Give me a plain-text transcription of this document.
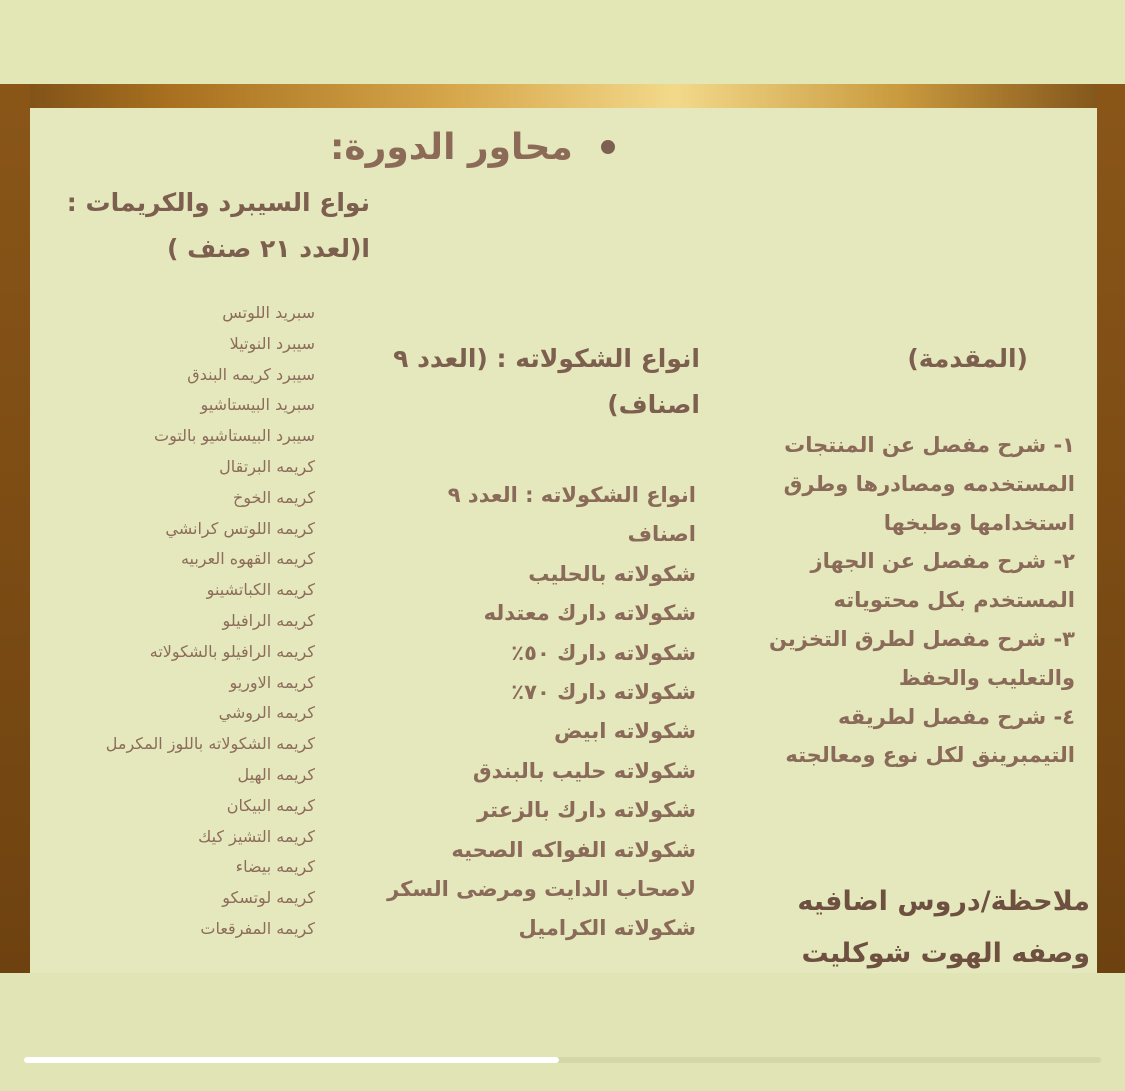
محاور الدورة:
نواع السيبرد والكريمات :
ا(لعدد ٢١ صنف )
سبريد اللوتس
سيبرد النوتيلا
سيبرد كريمه البندق
سبريد البيستاشيو
سيبرد البيستاشيو بالتوت
كريمه البرتقال
كريمه الخوخ
كريمه اللوتس كرانشي
كريمه القهوه العربيه
كريمه الكباتشينو
كريمه الرافيلو
كريمه الرافيلو بالشكولاته
كريمه الاوريو
كريمه الروشي
كريمه الشكولاته باللوز المكرمل
كريمه الهيل
كريمه البيكان
كريمه التشيز كيك
كريمه بيضاء
كريمه لوتسكو
كريمه المفرقعات
انواع الشكولاته : (العدد ٩
اصناف)
انواع الشكولاته : العدد ٩
اصناف
شكولاته بالحليب
شكولاته دارك معتدله
شكولاته دارك ٥٠٪
شكولاته دارك ٧٠٪
شكولاته ابيض
شكولاته حليب بالبندق
شكولاته دارك بالزعتر
شكولاته الفواكه الصحيه
لاصحاب الدايت ومرضى السكر
شكولاته الكراميل
(المقدمة)
١- شرح مفصل عن المنتجات
المستخدمه ومصادرها وطرق
استخدامها وطبخها
٢- شرح مفصل عن الجهاز
المستخدم بكل محتوياته
٣- شرح مفصل لطرق التخزين
والتعليب والحفظ
٤- شرح مفصل لطريقه
التيمبرينق لكل نوع ومعالجته
ملاحظة/دروس اضافيه
وصفه الهوت شوكليت
